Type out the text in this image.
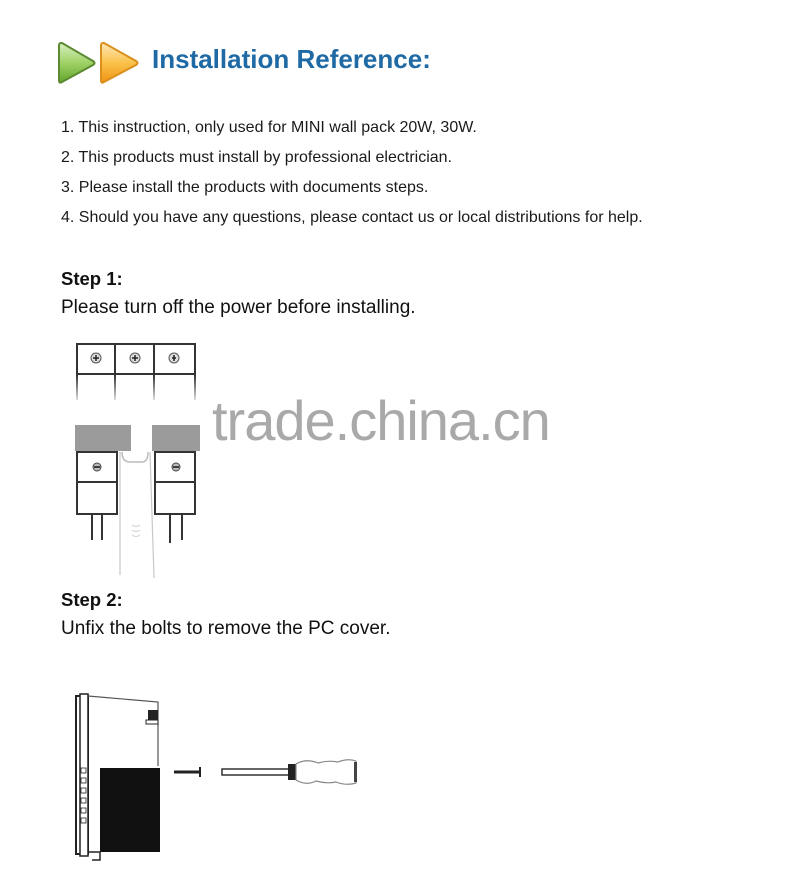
Installation Reference:
1. This instruction, only used for MINI wall pack 20W, 30W.
2. This products must install by professional electrician.
3. Please install the products with documents steps.
4. Should you have any questions, please contact us or local distributions for help.
Step 1:
Please turn off the power before installing.
trade.china.cn
Step 2:
Unfix the bolts to remove the PC cover.
